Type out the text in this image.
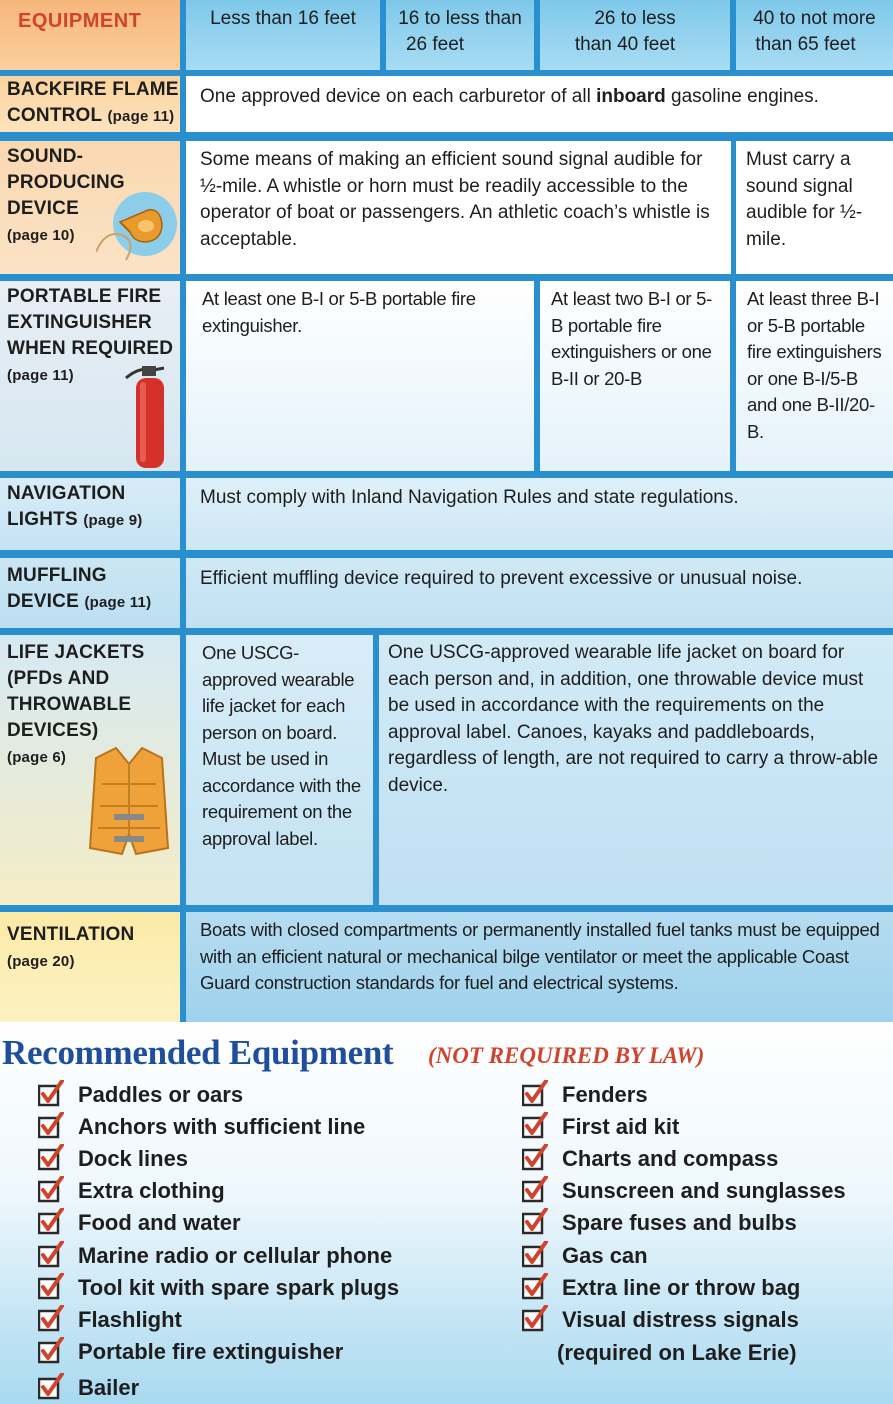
EQUIPMENT	Less than 16 feet 16 to less than
26 feet
26 to less
than 40 feet
40 to not more
than 65 feet
BACKFIRE FLAME
CONTROL (page 11)
One approved device on each carburetor of all inboard gasoline engines.
SOUND-
PRODUCING
DEVICE
(page 10)
Some means of making an efficient sound signal audible for ½-mile. A whistle or horn must be readily accessible to the operator of boat or passengers. An athletic coach’s whistle is acceptable.
Must carry a sound signal audible for ½-mile.
PORTABLE FIRE
EXTINGUISHER
WHEN REQUIRED
(page 11)
At least one B-I or 5-B portable fire extinguisher.
At least two B-I or 5-B portable fire extinguishers or one B-II or 20-B
At least three B-I or 5-B portable fire extinguishers or one B-I/5-B and one B-II/20-B.
NAVIGATION
LIGHTS (page 9)
Must comply with Inland Navigation Rules and state regulations.
MUFFLING
DEVICE (page 11)
Efficient muffling device required to prevent excessive or unusual noise.
LIFE JACKETS
(PFDs AND
THROWABLE
DEVICES)
(page 6)
One USCG-approved wearable life jacket for each person on board. Must be used in accordance with the requirement on the approval label.
One USCG-approved wearable life jacket on board for each person and, in addition, one throwable device must be used in accordance with the requirements on the approval label. Canoes, kayaks and paddleboards, regardless of length, are not required to carry a throw-able device.
VENTILATION
(page 20)
Boats with closed compartments or permanently installed fuel tanks must be equipped with an efficient natural or mechanical bilge ventilator or meet the applicable Coast Guard construction standards for fuel and electrical systems.
Recommended Equipment (NOT REQUIRED BY LAW)
Paddles or oars
Anchors with sufficient line
Dock lines
Extra clothing
Food and water
Marine radio or cellular phone
Tool kit with spare spark plugs
Flashlight
Portable fire extinguisher
Bailer
Fenders
First aid kit
Charts and compass
Sunscreen and sunglasses
Spare fuses and bulbs
Gas can
Extra line or throw bag
Visual distress signals
(required on Lake Erie)
